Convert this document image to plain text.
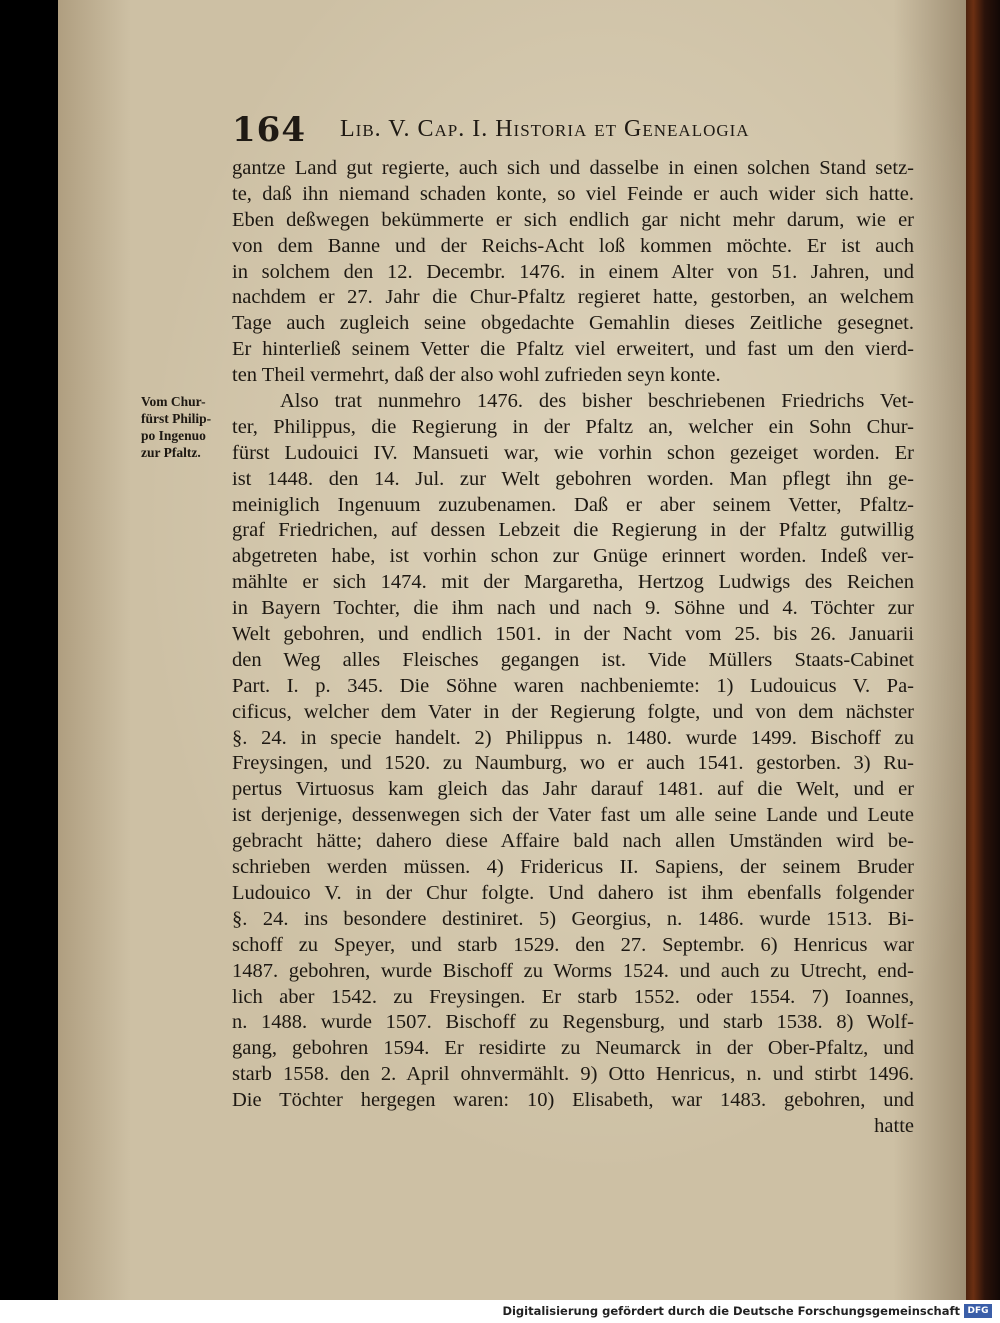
164 Lib. V. Cap. I. Historia et Genealogia
Vom Chur-
fürst Philip-
po Ingenuo
zur Pfaltz.
gantze Land gut regierte, auch sich und dasselbe in einen solchen Stand setz-
te, daß ihn niemand schaden konte, so viel Feinde er auch wider sich hatte.
Eben deßwegen bekümmerte er sich endlich gar nicht mehr darum, wie er
von dem Banne und der Reichs-Acht loß kommen möchte. Er ist auch
in solchem den 12. Decembr. 1476. in einem Alter von 51. Jahren, und
nachdem er 27. Jahr die Chur-Pfaltz regieret hatte, gestorben, an welchem
Tage auch zugleich seine obgedachte Gemahlin dieses Zeitliche gesegnet.
Er hinterließ seinem Vetter die Pfaltz viel erweitert, und fast um den vierd-
ten Theil vermehrt, daß der also wohl zufrieden seyn konte.
Also trat nunmehro 1476. des bisher beschriebenen Friedrichs Vet-
ter, Philippus, die Regierung in der Pfaltz an, welcher ein Sohn Chur-
fürst Ludouici IV. Mansueti war, wie vorhin schon gezeiget worden. Er
ist 1448. den 14. Jul. zur Welt gebohren worden. Man pflegt ihn ge-
meiniglich Ingenuum zuzubenamen. Daß er aber seinem Vetter, Pfaltz-
graf Friedrichen, auf dessen Lebzeit die Regierung in der Pfaltz gutwillig
abgetreten habe, ist vorhin schon zur Gnüge erinnert worden. Indeß ver-
mählte er sich 1474. mit der Margaretha, Hertzog Ludwigs des Reichen
in Bayern Tochter, die ihm nach und nach 9. Söhne und 4. Töchter zur
Welt gebohren, und endlich 1501. in der Nacht vom 25. bis 26. Januarii
den Weg alles Fleisches gegangen ist. Vide Müllers Staats-Cabinet
Part. I. p. 345. Die Söhne waren nachbeniemte: 1) Ludouicus V. Pa-
cificus, welcher dem Vater in der Regierung folgte, und von dem nächster
§. 24. in specie handelt. 2) Philippus n. 1480. wurde 1499. Bischoff zu
Freysingen, und 1520. zu Naumburg, wo er auch 1541. gestorben. 3) Ru-
pertus Virtuosus kam gleich das Jahr darauf 1481. auf die Welt, und er
ist derjenige, dessenwegen sich der Vater fast um alle seine Lande und Leute
gebracht hätte; dahero diese Affaire bald nach allen Umständen wird be-
schrieben werden müssen. 4) Fridericus II. Sapiens, der seinem Bruder
Ludouico V. in der Chur folgte. Und dahero ist ihm ebenfalls folgender
§. 24. ins besondere destiniret. 5) Georgius, n. 1486. wurde 1513. Bi-
schoff zu Speyer, und starb 1529. den 27. Septembr. 6) Henricus war
1487. gebohren, wurde Bischoff zu Worms 1524. und auch zu Utrecht, end-
lich aber 1542. zu Freysingen. Er starb 1552. oder 1554. 7) Ioannes,
n. 1488. wurde 1507. Bischoff zu Regensburg, und starb 1538. 8) Wolf-
gang, gebohren 1594. Er residirte zu Neumarck in der Ober-Pfaltz, und
starb 1558. den 2. April ohnvermählt. 9) Otto Henricus, n. und stirbt 1496.
Die Töchter hergegen waren: 10) Elisabeth, war 1483. gebohren, und
hatte
Digitalisierung gefördert durch die Deutsche Forschungsgemeinschaft DFG
